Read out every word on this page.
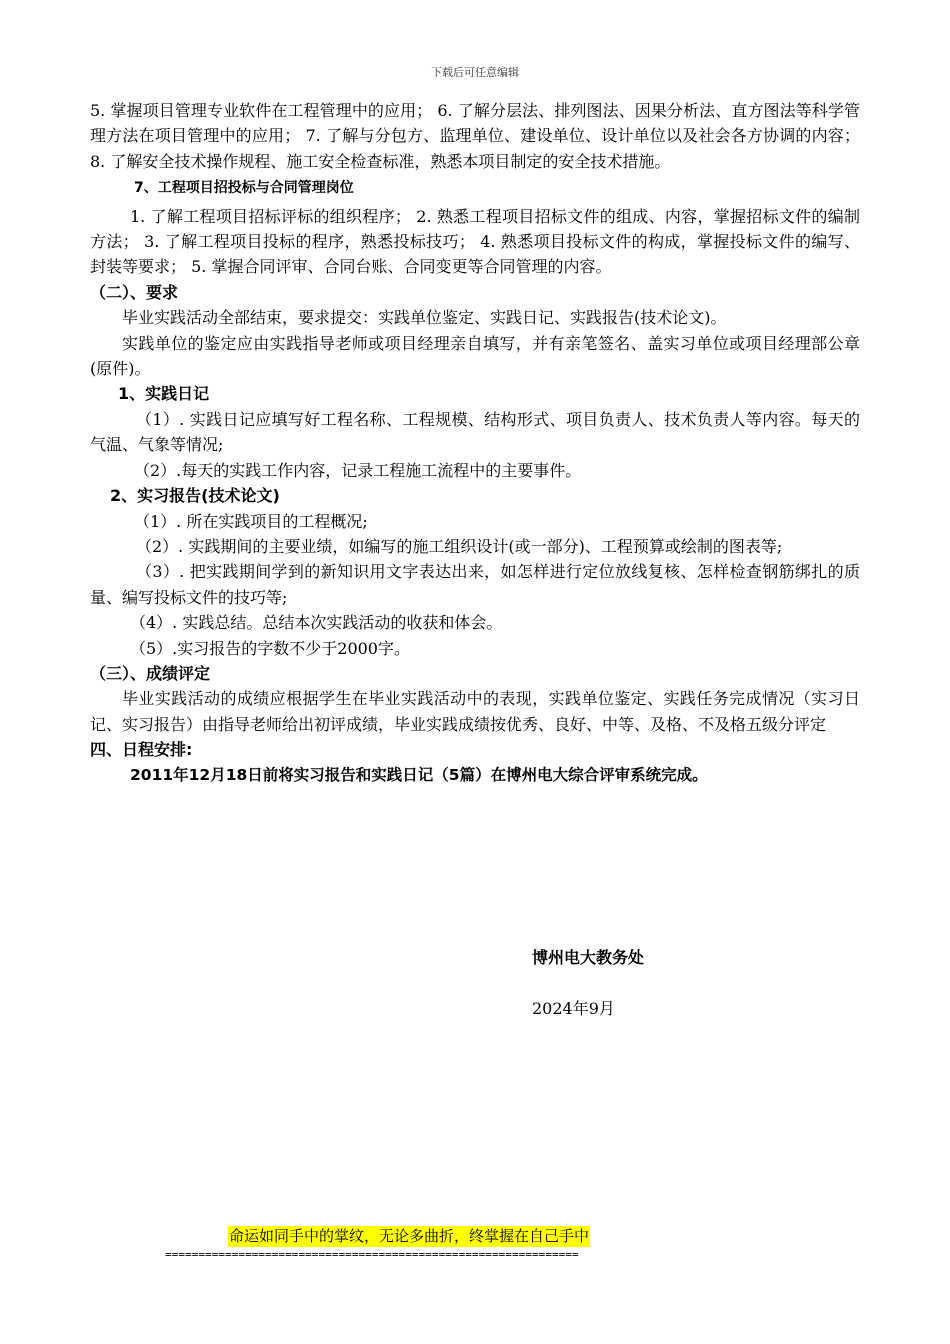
下载后可任意编辑

5. 掌握项目管理专业软件在工程管理中的应用； 6. 了解分层法、排列图法、因果分析法、直方图法等科学管理方法在项目管理中的应用； 7. 了解与分包方、监理单位、建设单位、设计单位以及社会各方协调的内容； 8. 了解安全技术操作规程、施工安全检查标准，熟悉本项目制定的安全技术措施。

7、工程项目招投标与合同管理岗位

1. 了解工程项目招标评标的组织程序； 2. 熟悉工程项目招标文件的组成、内容，掌握招标文件的编制方法； 3. 了解工程项目投标的程序，熟悉投标技巧； 4. 熟悉项目投标文件的构成，掌握投标文件的编写、封装等要求； 5. 掌握合同评审、合同台账、合同变更等合同管理的内容。

（二）、要求

毕业实践活动全部结束，要求提交：实践单位鉴定、实践日记、实践报告(技术论文)。

实践单位的鉴定应由实践指导老师或项目经理亲自填写，并有亲笔签名、盖实习单位或项目经理部公章(原件)。

1、实践日记

（1）. 实践日记应填写好工程名称、工程规模、结构形式、项目负责人、技术负责人等内容。每天的气温、气象等情况;

（2）.每天的实践工作内容，记录工程施工流程中的主要事件。

2、实习报告(技术论文)

（1）. 所在实践项目的工程概况;

（2）. 实践期间的主要业绩，如编写的施工组织设计(或一部分)、工程预算或绘制的图表等;

（3）. 把实践期间学到的新知识用文字表达出来，如怎样进行定位放线复核、怎样检查钢筋绑扎的质量、编写投标文件的技巧等;

（4）. 实践总结。总结本次实践活动的收获和体会。

（5）.实习报告的字数不少于2000字。

（三）、成绩评定

毕业实践活动的成绩应根据学生在毕业实践活动中的表现，实践单位鉴定、实践任务完成情况（实习日记、实习报告）由指导老师给出初评成绩，毕业实践成绩按优秀、良好、中等、及格、不及格五级分评定

四、日程安排:

2011年12月18日前将实习报告和实践日记（5篇）在博州电大综合评审系统完成。

博州电大教务处
2024年9月
命运如同手中的掌纹，无论多曲折，终掌握在自己手中
==============================================================
